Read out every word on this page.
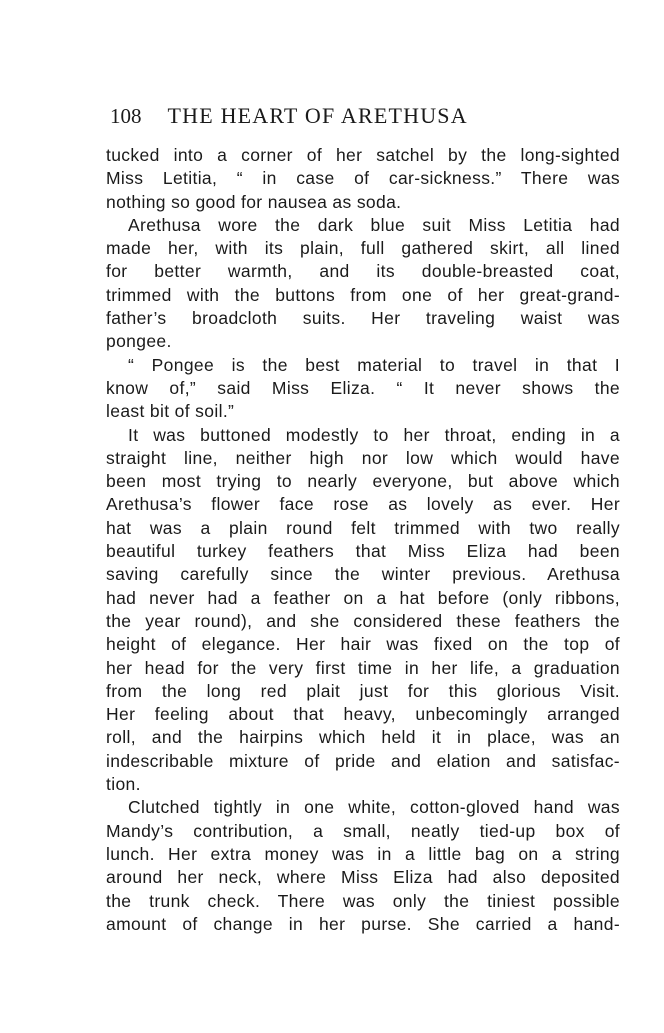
108 THE HEART OF ARETHUSA
tucked into a corner of her satchel by the long-sighted
Miss Letitia, “ in case of car-sickness.” There was
nothing so good for nausea as soda.
Arethusa wore the dark blue suit Miss Letitia had
made her, with its plain, full gathered skirt, all lined
for better warmth, and its double-breasted coat,
trimmed with the buttons from one of her great-grand-
father’s broadcloth suits. Her traveling waist was
pongee.
“ Pongee is the best material to travel in that I
know of,” said Miss Eliza. “ It never shows the
least bit of soil.”
It was buttoned modestly to her throat, ending in a
straight line, neither high nor low which would have
been most trying to nearly everyone, but above which
Arethusa’s flower face rose as lovely as ever. Her
hat was a plain round felt trimmed with two really
beautiful turkey feathers that Miss Eliza had been
saving carefully since the winter previous. Arethusa
had never had a feather on a hat before (only ribbons,
the year round), and she considered these feathers the
height of elegance. Her hair was fixed on the top of
her head for the very first time in her life, a graduation
from the long red plait just for this glorious Visit.
Her feeling about that heavy, unbecomingly arranged
roll, and the hairpins which held it in place, was an
indescribable mixture of pride and elation and satisfac-
tion.
Clutched tightly in one white, cotton-gloved hand was
Mandy’s contribution, a small, neatly tied-up box of
lunch. Her extra money was in a little bag on a string
around her neck, where Miss Eliza had also deposited
the trunk check. There was only the tiniest possible
amount of change in her purse. She carried a hand-
